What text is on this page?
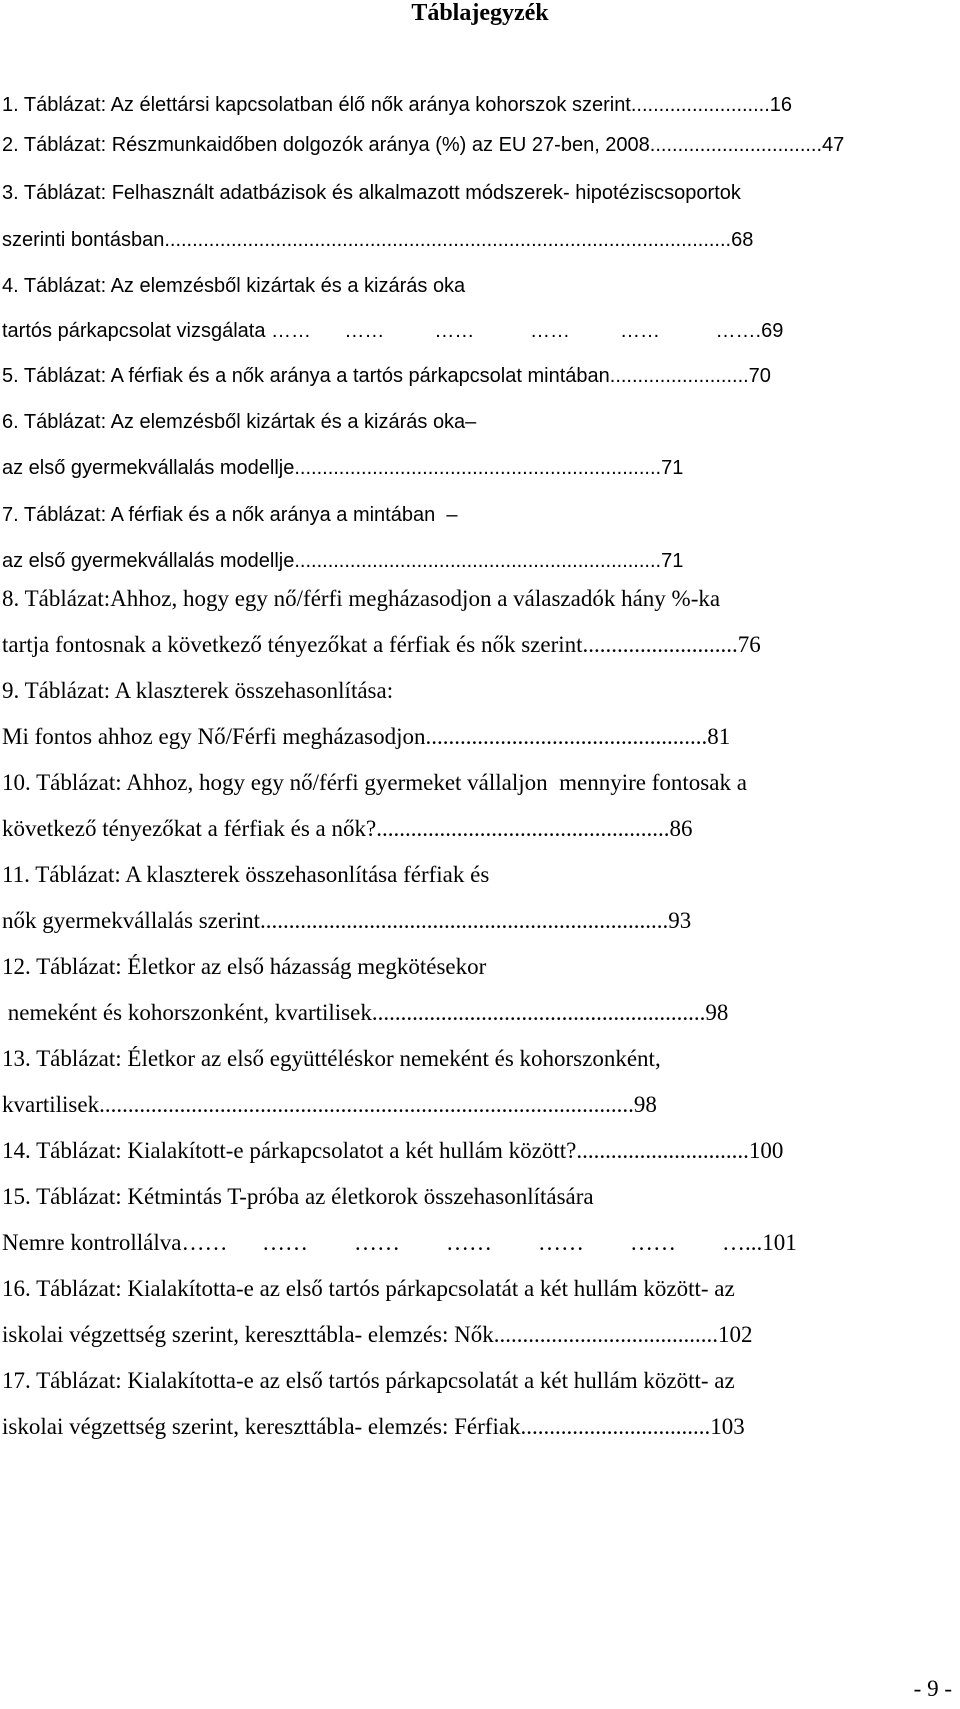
Táblajegyzék
1. Táblázat: Az élettársi kapcsolatban élő nők aránya kohorszok szerint.........................16
2. Táblázat: Részmunkaidőben dolgozók aránya (%) az EU 27-ben, 2008...............................47
3. Táblázat: Felhasznált adatbázisok és alkalmazott módszerek- hipotéziscsoportok
szerinti bontásban......................................................................................................68
4. Táblázat: Az elemzésből kizártak és a kizárás oka
tartós párkapcsolat vizsgálata ……      ……         ……          ……         ……          …….69
5. Táblázat: A férfiak és a nők aránya a tartós párkapcsolat mintában.........................70
6. Táblázat: Az elemzésből kizártak és a kizárás oka–
az első gyermekvállalás modellje..................................................................71
7. Táblázat: A férfiak és a nők aránya a mintában  –
az első gyermekvállalás modellje..................................................................71
8. Táblázat:Ahhoz, hogy egy nő/férfi megházasodjon a válaszadók hány %-ka
tartja fontosnak a következő tényezőkat a férfiak és nők szerint...........................76
9. Táblázat: A klaszterek összehasonlítása:
Mi fontos ahhoz egy Nő/Férfi megházasodjon.................................................81
10. Táblázat: Ahhoz, hogy egy nő/férfi gyermeket vállaljon  mennyire fontosak a
következő tényezőkat a férfiak és a nők?...................................................86
11. Táblázat: A klaszterek összehasonlítása férfiak és
nők gyermekvállalás szerint.......................................................................93
12. Táblázat: Életkor az első házasság megkötésekor
nemeként és kohorszonként, kvartilisek..........................................................98
13. Táblázat: Életkor az első együttéléskor nemeként és kohorszonként,
kvartilisek.............................................................................................98
14. Táblázat: Kialakított-e párkapcsolatot a két hullám között?..............................100
15. Táblázat: Kétmintás T-próba az életkorok összehasonlítására
Nemre kontrollálva……      ……        ……        ……        ……        ……        …...101
16. Táblázat: Kialakította-e az első tartós párkapcsolatát a két hullám között- az
iskolai végzettség szerint, kereszttábla- elemzés: Nők.......................................102
17. Táblázat: Kialakította-e az első tartós párkapcsolatát a két hullám között- az
iskolai végzettség szerint, kereszttábla- elemzés: Férfiak.................................103
- 9 -
